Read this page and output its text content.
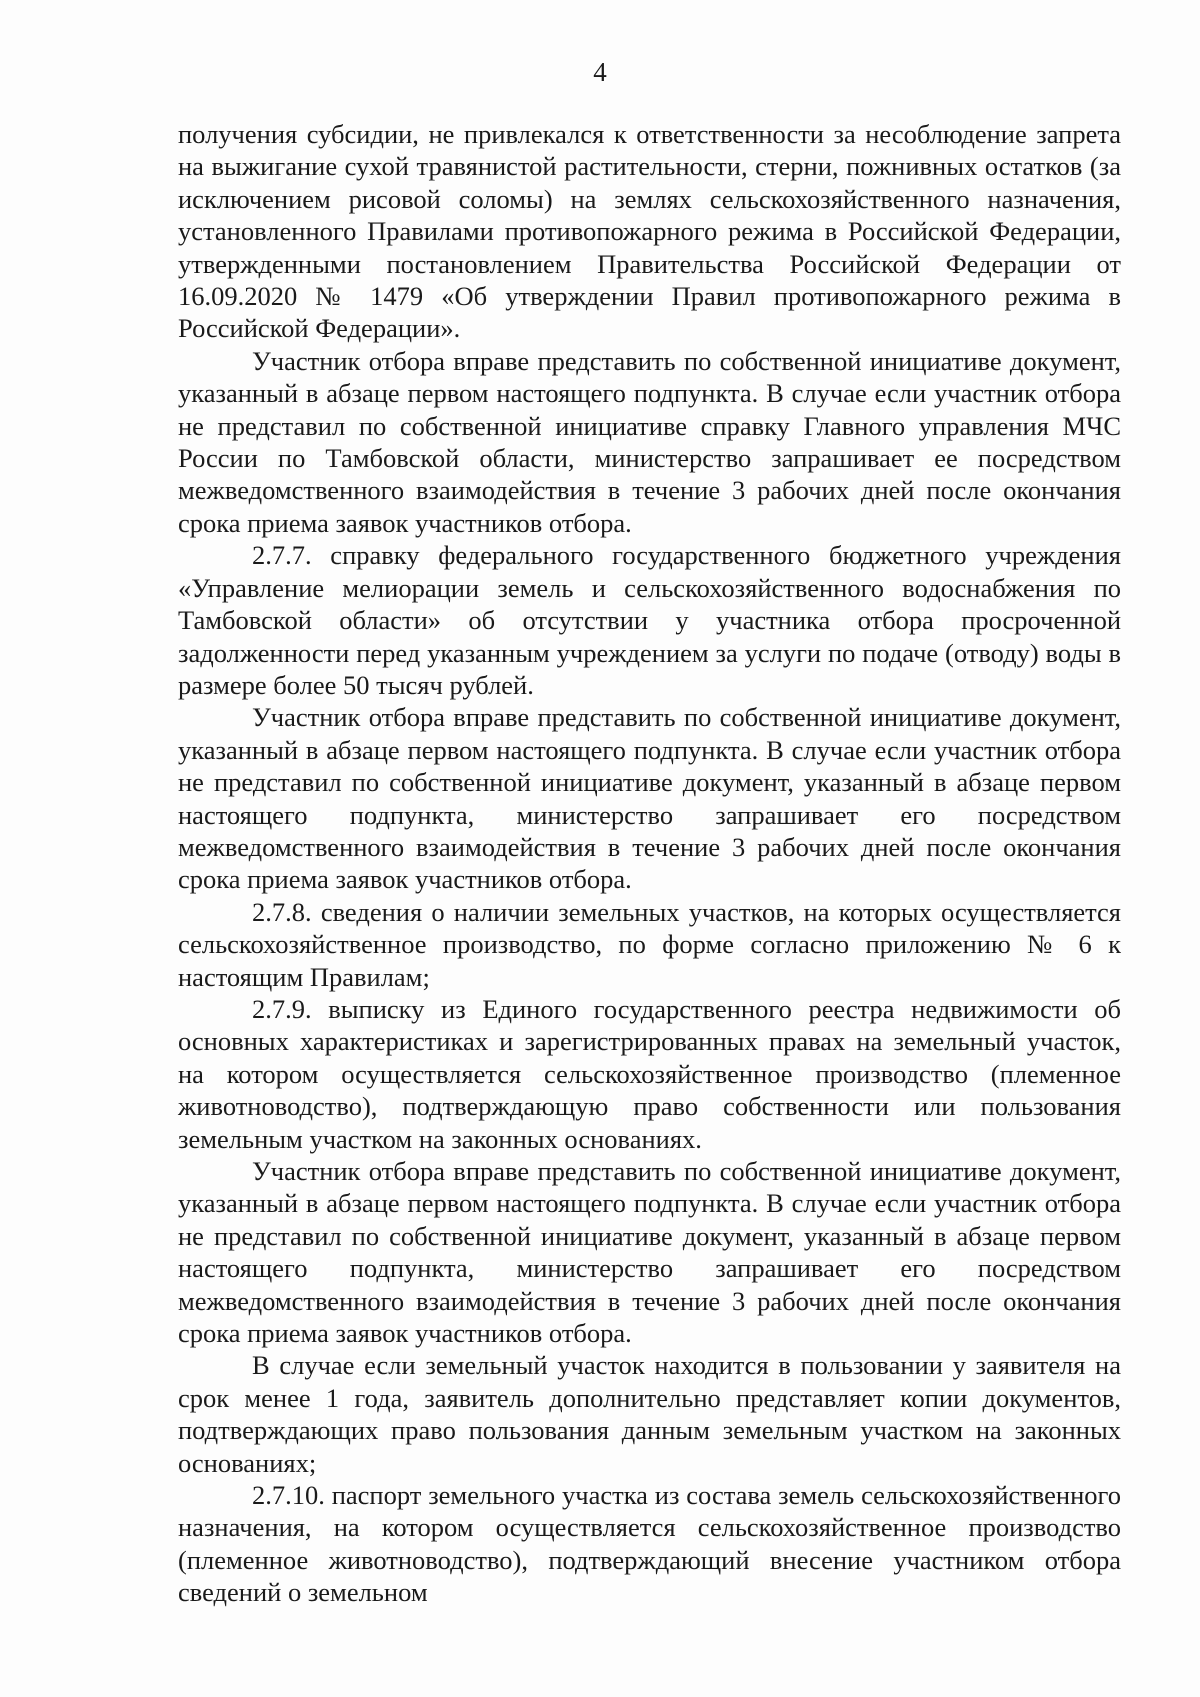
4

получения субсидии, не привлекался к ответственности за несоблюдение запрета на выжигание сухой травянистой растительности, стерни, пожнивных остатков (за исключением рисовой соломы) на землях сельскохозяйственного назначения, установленного Правилами противопожарного режима в Российской Федерации, утвержденными постановлением Правительства Российской Федерации от 16.09.2020 № 1479 «Об утверждении Правил противопожарного режима в Российской Федерации».

Участник отбора вправе представить по собственной инициативе документ, указанный в абзаце первом настоящего подпункта. В случае если участник отбора не представил по собственной инициативе справку Главного управления МЧС России по Тамбовской области, министерство запрашивает ее посредством межведомственного взаимодействия в течение 3 рабочих дней после окончания срока приема заявок участников отбора.

2.7.7. справку федерального государственного бюджетного учреждения «Управление мелиорации земель и сельскохозяйственного водоснабжения по Тамбовской области» об отсутствии у участника отбора просроченной задолженности перед указанным учреждением за услуги по подаче (отводу) воды в размере более 50 тысяч рублей.

Участник отбора вправе представить по собственной инициативе документ, указанный в абзаце первом настоящего подпункта. В случае если участник отбора не представил по собственной инициативе документ, указанный в абзаце первом настоящего подпункта, министерство запрашивает его посредством межведомственного взаимодействия в течение 3 рабочих дней после окончания срока приема заявок участников отбора.

2.7.8. сведения о наличии земельных участков, на которых осуществляется сельскохозяйственное производство, по форме согласно приложению № 6 к настоящим Правилам;

2.7.9. выписку из Единого государственного реестра недвижимости об основных характеристиках и зарегистрированных правах на земельный участок, на котором осуществляется сельскохозяйственное производство (племенное животноводство), подтверждающую право собственности или пользования земельным участком на законных основаниях.

Участник отбора вправе представить по собственной инициативе документ, указанный в абзаце первом настоящего подпункта. В случае если участник отбора не представил по собственной инициативе документ, указанный в абзаце первом настоящего подпункта, министерство запрашивает его посредством межведомственного взаимодействия в течение 3 рабочих дней после окончания срока приема заявок участников отбора.

В случае если земельный участок находится в пользовании у заявителя на срок менее 1 года, заявитель дополнительно представляет копии документов, подтверждающих право пользования данным земельным участком на законных основаниях;

2.7.10. паспорт земельного участка из состава земель сельскохозяйственного назначения, на котором осуществляется сельскохозяйственное производство (племенное животноводство), подтверждающий внесение участником отбора сведений о земельном
